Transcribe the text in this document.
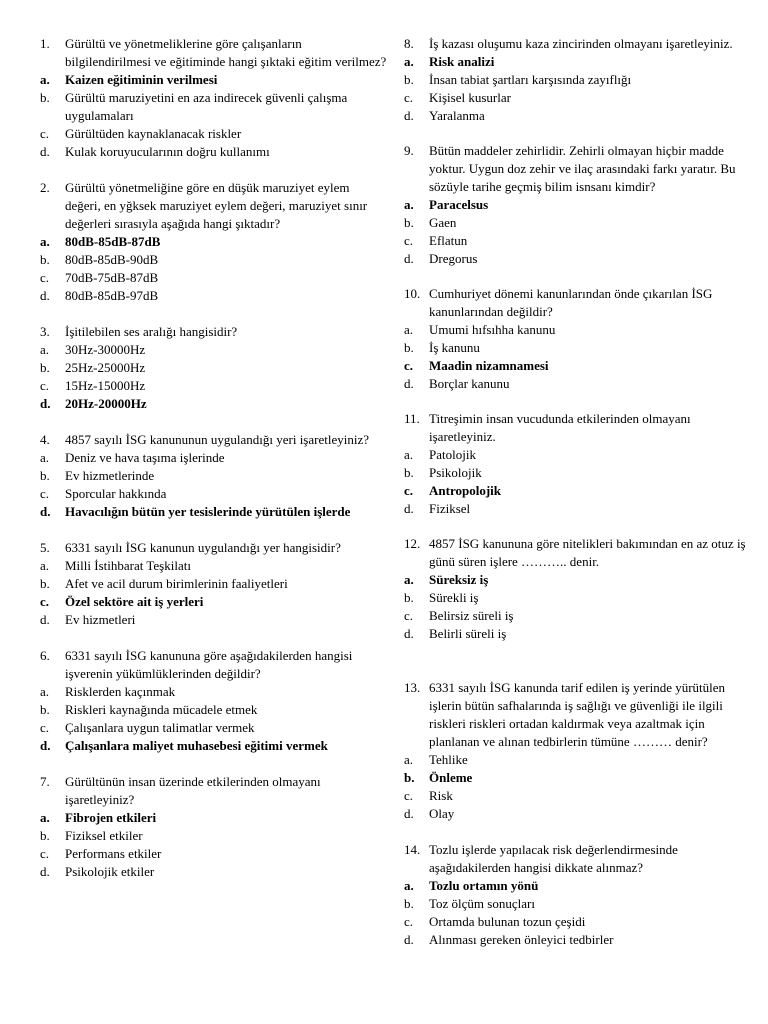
1.	Gürültü ve yönetmeliklerine göre çalışanların bilgilendirilmesi ve eğitiminde hangi şıktaki eğitim verilmez?
a.	Kaizen eğitiminin verilmesi
b.	Gürültü maruziyetini en aza indirecek güvenli çalışma uygulamaları
c.	Gürültüden kaynaklanacak riskler
d.	Kulak koruyucularının doğru kullanımı
2.	Gürültü yönetmeliğine göre en düşük maruziyet eylem değeri, en yğksek maruziyet eylem değeri, maruziyet sınır değerleri sırasıyla aşağıda hangi şıktadır?
a.	80dB-85dB-87dB
b.	80dB-85dB-90dB
c.	70dB-75dB-87dB
d.	80dB-85dB-97dB
3.	İşitilebilen ses aralığı hangisidir?
a.	30Hz-30000Hz
b.	25Hz-25000Hz
c.	15Hz-15000Hz
d.	20Hz-20000Hz
4.	4857 sayılı İSG kanununun uygulandığı yeri işaretleyiniz?
a.	Deniz ve hava taşıma işlerinde
b.	Ev hizmetlerinde
c.	Sporcular hakkında
d.	Havacılığın bütün yer tesislerinde yürütülen işlerde
5.	6331 sayılı İSG kanunun uygulandığı yer hangisidir?
a.	Milli İstihbarat Teşkilatı
b.	Afet ve acil durum birimlerinin faaliyetleri
c.	Özel sektöre ait iş yerleri
d.	Ev hizmetleri
6.	6331 sayılı İSG kanununa göre aşağıdakilerden hangisi işverenin yükümlüklerinden değildir?
a.	Risklerden kaçınmak
b.	Riskleri kaynağında mücadele etmek
c.	Çalışanlara uygun talimatlar vermek
d.	Çalışanlara maliyet muhasebesi eğitimi vermek
7.	Gürültünün insan üzerinde etkilerinden olmayanı işaretleyiniz?
a.	Fibrojen etkileri
b.	Fiziksel etkiler
c.	Performans etkiler
d.	Psikolojik etkiler
8.	İş kazası oluşumu kaza zincirinden olmayanı işaretleyiniz.
a.	Risk analizi
b.	İnsan tabiat şartları karşısında zayıflığı
c.	Kişisel kusurlar
d.	Yaralanma
9.	Bütün maddeler zehirlidir. Zehirli olmayan hiçbir madde yoktur. Uygun doz zehir ve ilaç arasındaki farkı yaratır. Bu sözüyle tarihe geçmiş bilim isnsanı kimdir?
a.	Paracelsus
b.	Gaen
c.	Eflatun
d.	Dregorus
10. Cumhuriyet dönemi kanunlarından önde çıkarılan İSG kanunlarından değildir?
a.	Umumi hıfsıhha kanunu
b.	İş kanunu
c.	Maadin nizamnamesi
d.	Borçlar kanunu
11. Titreşimin insan vucudunda etkilerinden olmayanı işaretleyiniz.
a.	Patolojik
b.	Psikolojik
c.	Antropolojik
d.	Fiziksel
12. 4857 İSG kanununa göre nitelikleri bakımından en az otuz iş günü süren işlere ……….. denir.
a.	Süreksiz iş
b.	Sürekli iş
c.	Belirsiz süreli iş
d.	Belirli süreli iş
13. 6331 sayılı İSG kanunda tarif edilen iş yerinde yürütülen işlerin bütün safhalarında iş sağlığı ve güvenliği ile ilgili riskleri riskleri ortadan kaldırmak veya azaltmak için planlanan ve alınan tedbirlerin tümüne ……… denir?
a.	Tehlike
b.	Önleme
c.	Risk
d.	Olay
14. Tozlu işlerde yapılacak risk değerlendirmesinde aşağıdakilerden hangisi dikkate alınmaz?
a.	Tozlu ortamın yönü
b.	Toz ölçüm sonuçları
c.	Ortamda bulunan tozun çeşidi
d.	Alınması gereken önleyici tedbirler
